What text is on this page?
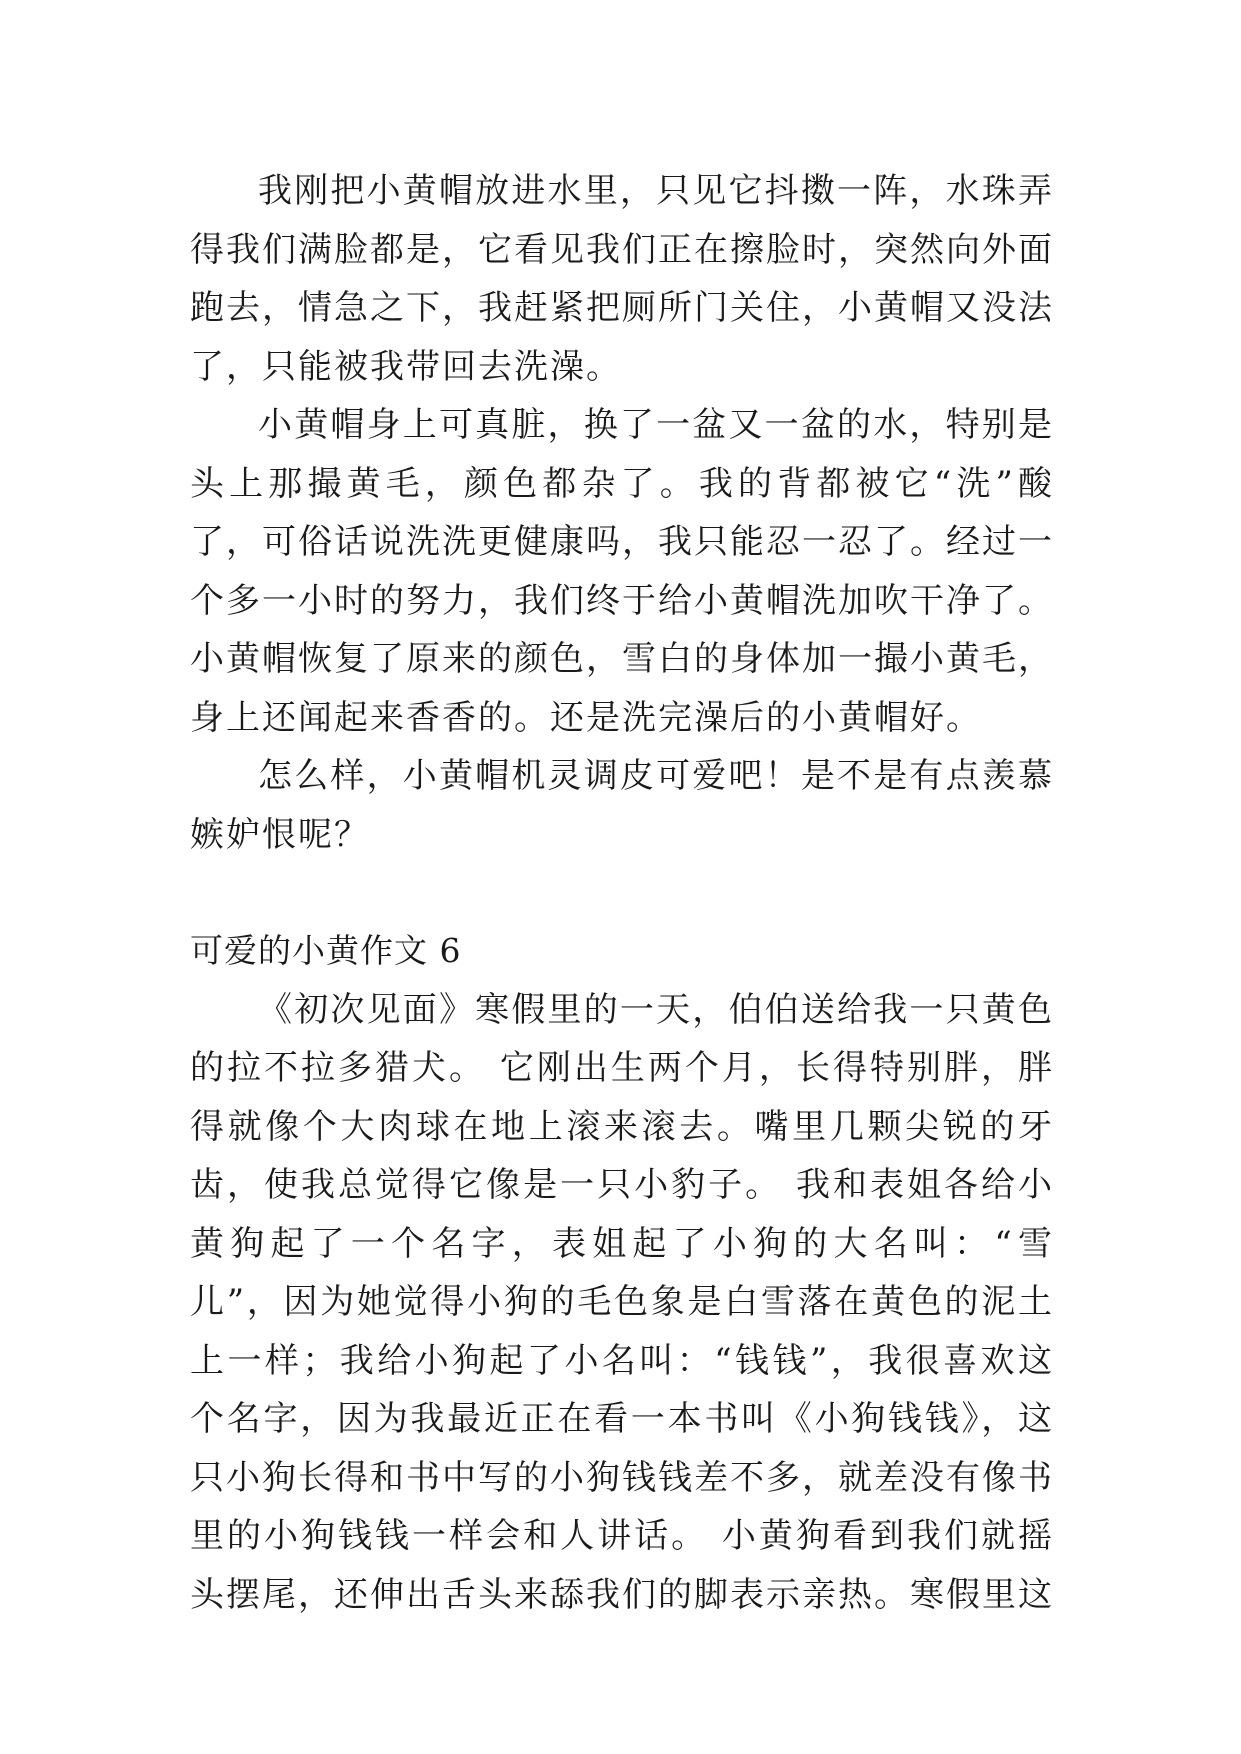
我刚把小黄帽放进水里，只见它抖擞一阵，水珠弄得我们满脸都是，它看见我们正在擦脸时，突然向外面跑去，情急之下，我赶紧把厕所门关住，小黄帽又没法了，只能被我带回去洗澡。

小黄帽身上可真脏，换了一盆又一盆的水，特别是头上那撮黄毛，颜色都杂了。我的背都被它“洗”酸了，可俗话说洗洗更健康吗，我只能忍一忍了。经过一个多一小时的努力，我们终于给小黄帽洗加吹干净了。小黄帽恢复了原来的颜色，雪白的身体加一撮小黄毛，身上还闻起来香香的。还是洗完澡后的小黄帽好。

怎么样，小黄帽机灵调皮可爱吧！是不是有点羡慕嫉妒恨呢？

可爱的小黄作文 6

《初次见面》寒假里的一天，伯伯送给我一只黄色的拉不拉多猎犬。 它刚出生两个月，长得特别胖，胖得就像个大肉球在地上滚来滚去。嘴里几颗尖锐的牙齿，使我总觉得它像是一只小豹子。 我和表姐各给小黄狗起了一个名字，表姐起了小狗的大名叫：“雪儿”，因为她觉得小狗的毛色象是白雪落在黄色的泥土上一样；我给小狗起了小名叫：“钱钱”，我很喜欢这个名字，因为我最近正在看一本书叫《小狗钱钱》，这只小狗长得和书中写的小狗钱钱差不多，就差没有像书里的小狗钱钱一样会和人讲话。 小黄狗看到我们就摇头摆尾，还伸出舌头来舔我们的脚表示亲热。寒假里这
